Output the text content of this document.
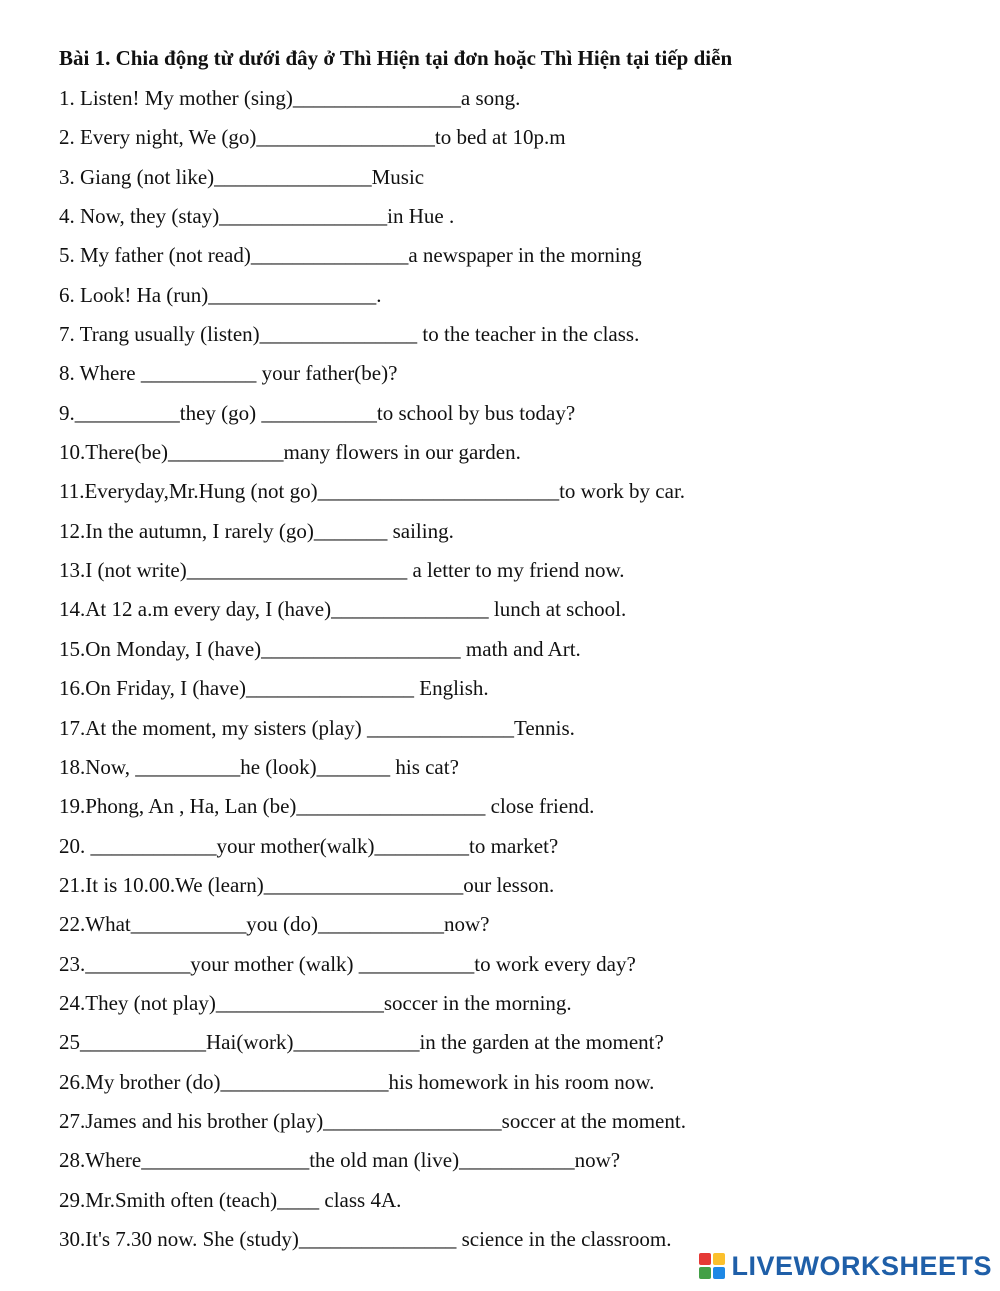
Bài 1. Chia động từ dưới đây ở Thì Hiện tại đơn hoặc Thì Hiện tại tiếp diễn
1. Listen! My mother (sing)________________a song.
2. Every night, We (go)_________________to bed at 10p.m
3. Giang (not like)_______________Music
4. Now, they (stay)________________in Hue .
5. My father (not read)_______________a newspaper in the morning
6. Look! Ha (run)________________.
7. Trang usually (listen)_______________ to the teacher in the class.
8. Where ___________ your father(be)?
9.__________they (go) ___________to school by bus today?
10.There(be)___________many flowers in our garden.
11.Everyday,Mr.Hung (not go)_______________________to work by car.
12.In the autumn, I rarely (go)_______ sailing.
13.I (not write)_____________________ a letter to my friend now.
14.At 12 a.m every day, I (have)_______________ lunch at school.
15.On Monday, I (have)___________________ math and Art.
16.On Friday, I (have)________________ English.
17.At the moment, my sisters (play) ______________Tennis.
18.Now, __________he (look)_______ his cat?
19.Phong, An , Ha, Lan (be)__________________ close friend.
20. ____________your mother(walk)_________to market?
21.It is 10.00.We (learn)___________________our lesson.
22.What___________you (do)____________now?
23.__________your mother (walk) ___________to work every day?
24.They (not play)________________soccer in the morning.
25____________Hai(work)____________in the garden at the moment?
26.My brother (do)________________his homework in his room now.
27.James and his brother (play)_________________soccer at the moment.
28.Where________________the old man (live)___________now?
29.Mr.Smith often (teach)____ class 4A.
30.It's 7.30 now. She (study)_______________ science in the classroom.
LIVEWORKSHEETS
